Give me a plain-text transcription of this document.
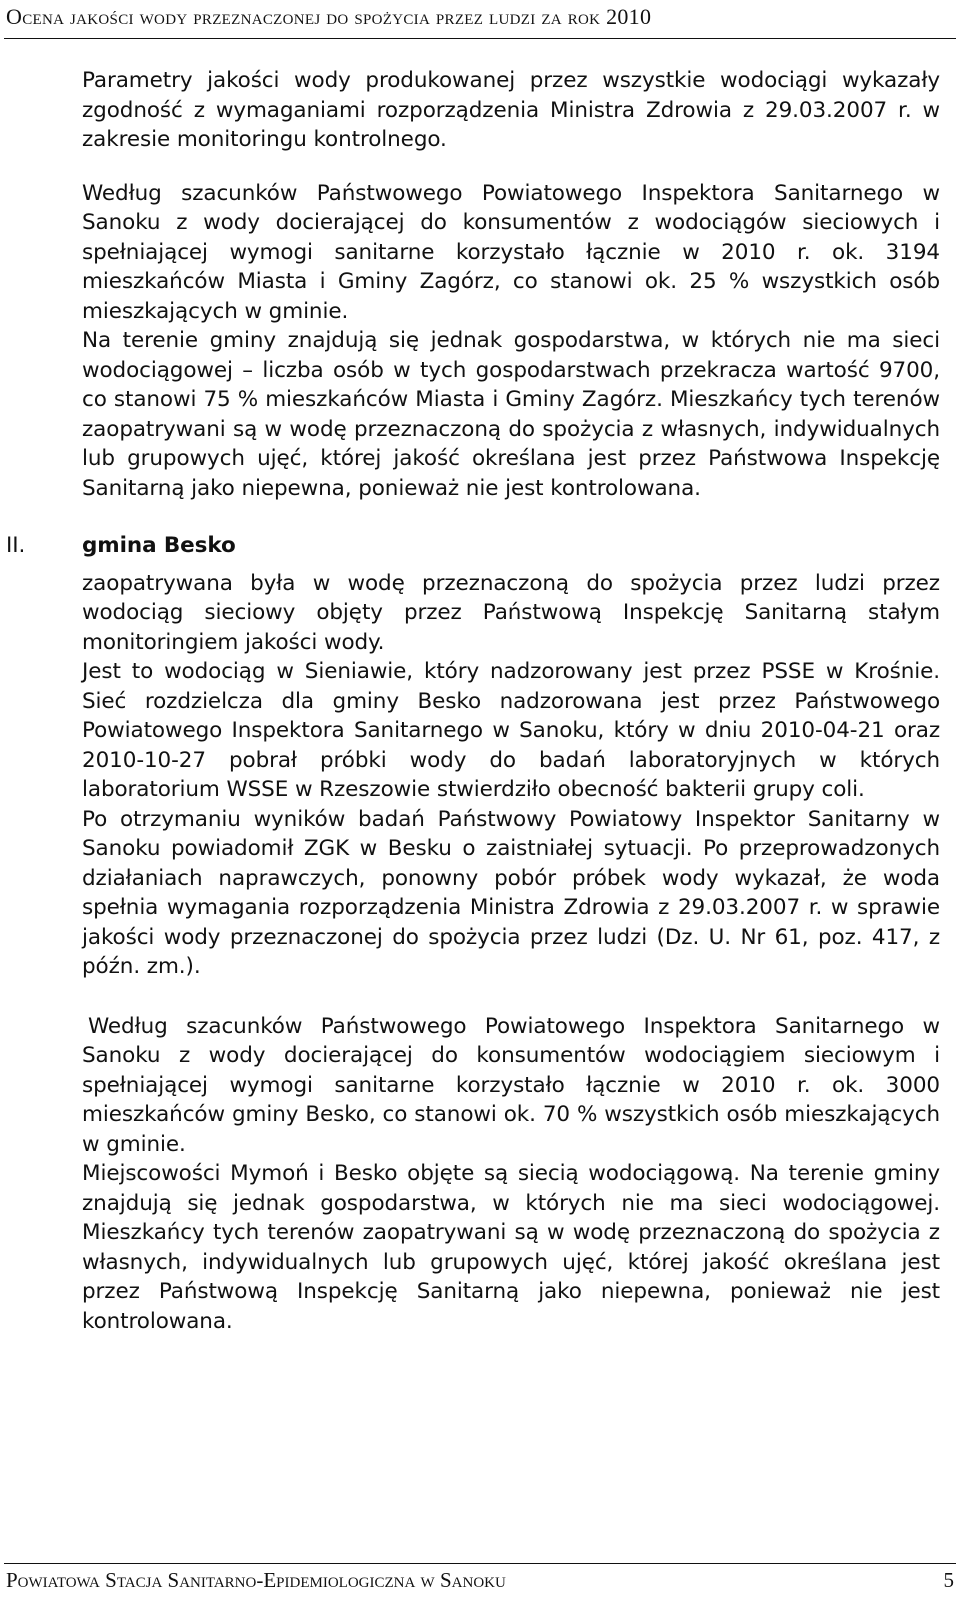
Ocena jakości wody przeznaczonej do spożycia przez ludzi za rok 2010

Parametry jakości wody produkowanej przez wszystkie wodociągi wykazały zgodność z wymaganiami rozporządzenia Ministra Zdrowia z 29.03.2007 r. w zakresie monitoringu kontrolnego.

Według szacunków Państwowego Powiatowego Inspektora Sanitarnego w Sanoku z wody docierającej do konsumentów z wodociągów sieciowych i spełniającej wymogi sanitarne korzystało łącznie w 2010 r. ok. 3194 mieszkańców Miasta i Gminy Zagórz, co stanowi ok. 25 % wszystkich osób mieszkających w gminie.

Na terenie gminy znajdują się jednak gospodarstwa, w których nie ma sieci wodociągowej – liczba osób w tych gospodarstwach przekracza wartość 9700, co stanowi 75 % mieszkańców Miasta i Gminy Zagórz. Mieszkańcy tych terenów zaopatrywani są w wodę przeznaczoną do spożycia z własnych, indywidualnych lub grupowych ujęć, której jakość określana jest przez Państwowa Inspekcję Sanitarną jako niepewna, ponieważ nie jest kontrolowana.

II.	gmina Besko

zaopatrywana była w wodę przeznaczoną do spożycia przez ludzi przez wodociąg sieciowy objęty przez Państwową Inspekcję Sanitarną stałym monitoringiem jakości wody.

Jest to wodociąg w Sieniawie, który nadzorowany jest przez PSSE w Krośnie. Sieć rozdzielcza dla gminy Besko nadzorowana jest przez Państwowego Powiatowego Inspektora Sanitarnego w Sanoku, który w dniu 2010-04-21 oraz 2010-10-27 pobrał próbki wody do badań laboratoryjnych w których laboratorium WSSE w Rzeszowie stwierdziło obecność bakterii grupy coli.

Po otrzymaniu wyników badań Państwowy Powiatowy Inspektor Sanitarny w Sanoku powiadomił ZGK w Besku o zaistniałej sytuacji. Po przeprowadzonych działaniach naprawczych, ponowny pobór próbek wody wykazał, że woda spełnia wymagania rozporządzenia Ministra Zdrowia z 29.03.2007 r. w sprawie jakości wody przeznaczonej do spożycia przez ludzi (Dz. U. Nr 61, poz. 417, z późn. zm.).

Według szacunków Państwowego Powiatowego Inspektora Sanitarnego w Sanoku z wody docierającej do konsumentów wodociągiem sieciowym i spełniającej wymogi sanitarne korzystało łącznie w 2010 r. ok. 3000 mieszkańców gminy Besko, co stanowi ok. 70 % wszystkich osób mieszkających w gminie.

Miejscowości Mymoń i Besko objęte są siecią wodociągową. Na terenie gminy znajdują się jednak gospodarstwa, w których nie ma sieci wodociągowej. Mieszkańcy tych terenów zaopatrywani są w wodę przeznaczoną do spożycia z własnych, indywidualnych lub grupowych ujęć, której jakość określana jest przez Państwową Inspekcję Sanitarną jako niepewna, ponieważ nie jest kontrolowana.

Powiatowa Stacja Sanitarno-Epidemiologiczna w Sanoku	5
